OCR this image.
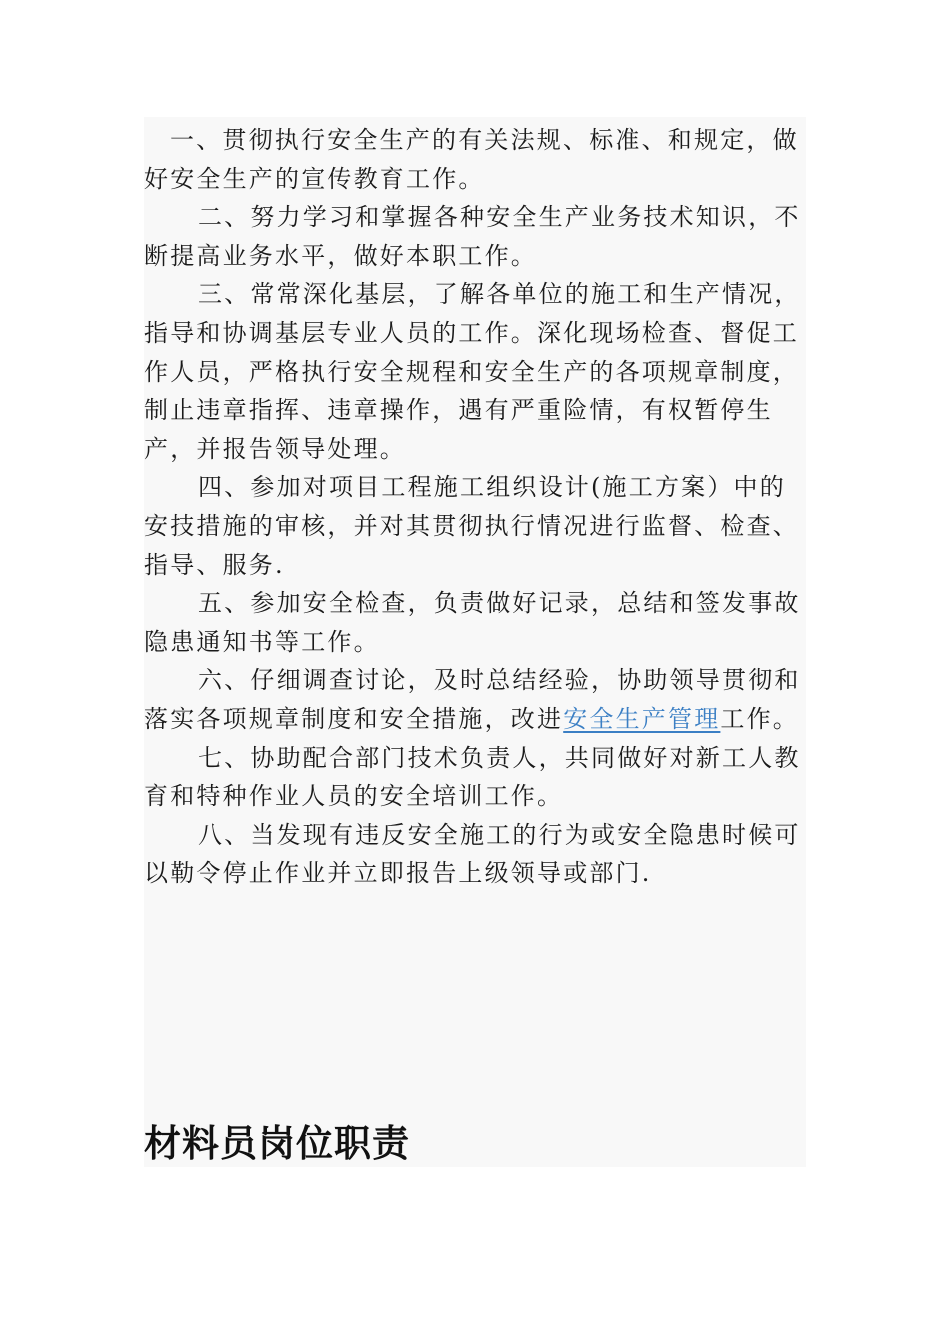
一、贯彻执行安全生产的有关法规、标准、和规定，做好安全生产的宣传教育工作。

二、努力学习和掌握各种安全生产业务技术知识，不断提高业务水平，做好本职工作。

三、常常深化基层，了解各单位的施工和生产情况，指导和协调基层专业人员的工作。深化现场检查、督促工作人员，严格执行安全规程和安全生产的各项规章制度，制止违章指挥、违章操作，遇有严重险情，有权暂停生产，并报告领导处理。

四、参加对项目工程施工组织设计(施工方案）中的安技措施的审核，并对其贯彻执行情况进行监督、检查、指导、服务.

五、参加安全检查，负责做好记录，总结和签发事故隐患通知书等工作。

六、仔细调查讨论，及时总结经验，协助领导贯彻和落实各项规章制度和安全措施，改进安全生产管理工作。

七、协助配合部门技术负责人，共同做好对新工人教育和特种作业人员的安全培训工作。

八、当发现有违反安全施工的行为或安全隐患时候可以勒令停止作业并立即报告上级领导或部门.

材料员岗位职责
